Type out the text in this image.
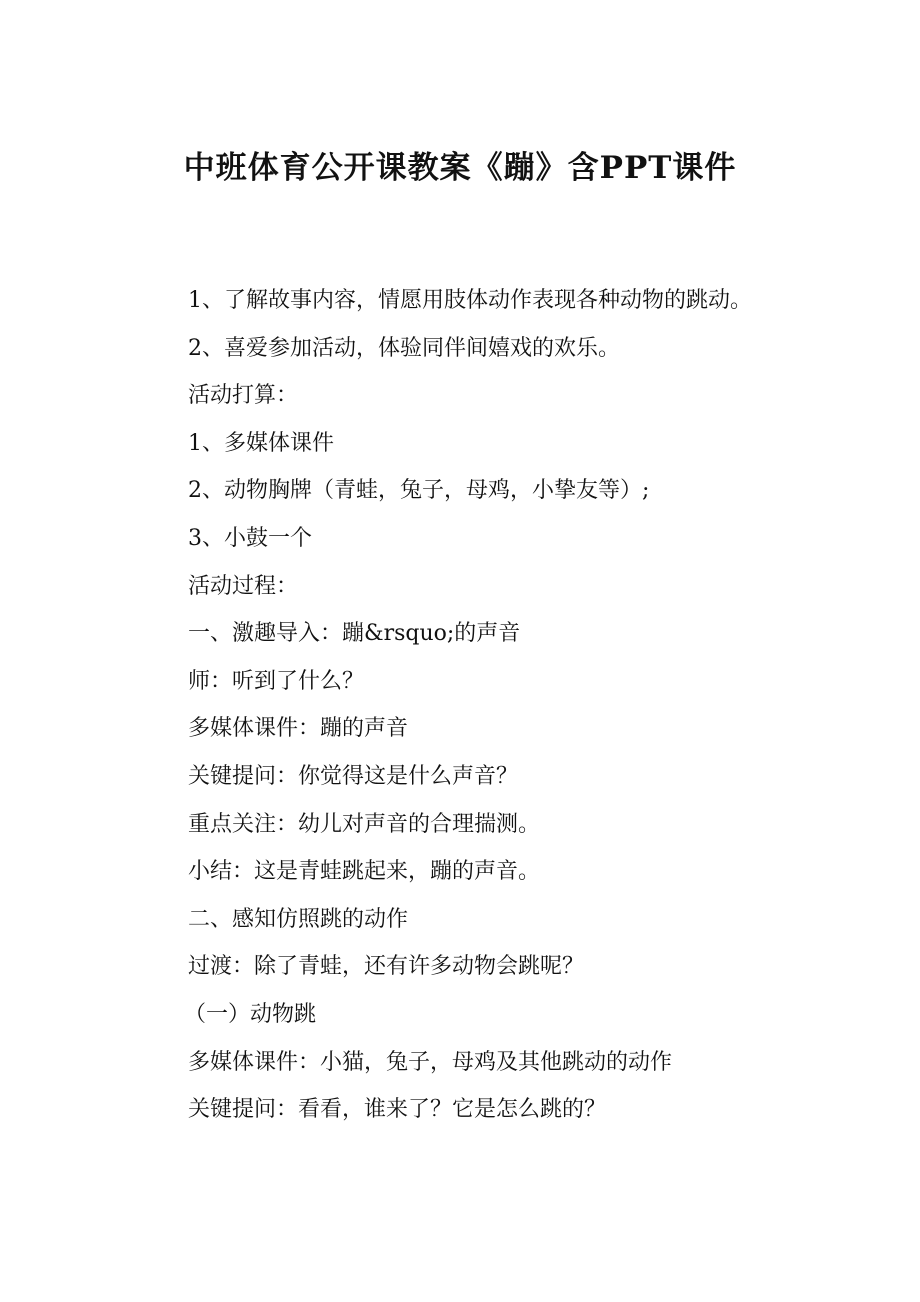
中班体育公开课教案《蹦》含PPT课件

1、了解故事内容，情愿用肢体动作表现各种动物的跳动。

2、喜爱参加活动，体验同伴间嬉戏的欢乐。

活动打算：

1、多媒体课件

2、动物胸牌（青蛙，兔子，母鸡，小挚友等）;

3、小鼓一个

活动过程：

一、激趣导入：蹦&rsquo;的声音

师：听到了什么？

多媒体课件：蹦的声音

关键提问：你觉得这是什么声音？

重点关注：幼儿对声音的合理揣测。

小结：这是青蛙跳起来，蹦的声音。

二、感知仿照跳的动作

过渡：除了青蛙，还有许多动物会跳呢？

（一）动物跳

多媒体课件：小猫，兔子，母鸡及其他跳动的动作

关键提问：看看，谁来了？它是怎么跳的？
